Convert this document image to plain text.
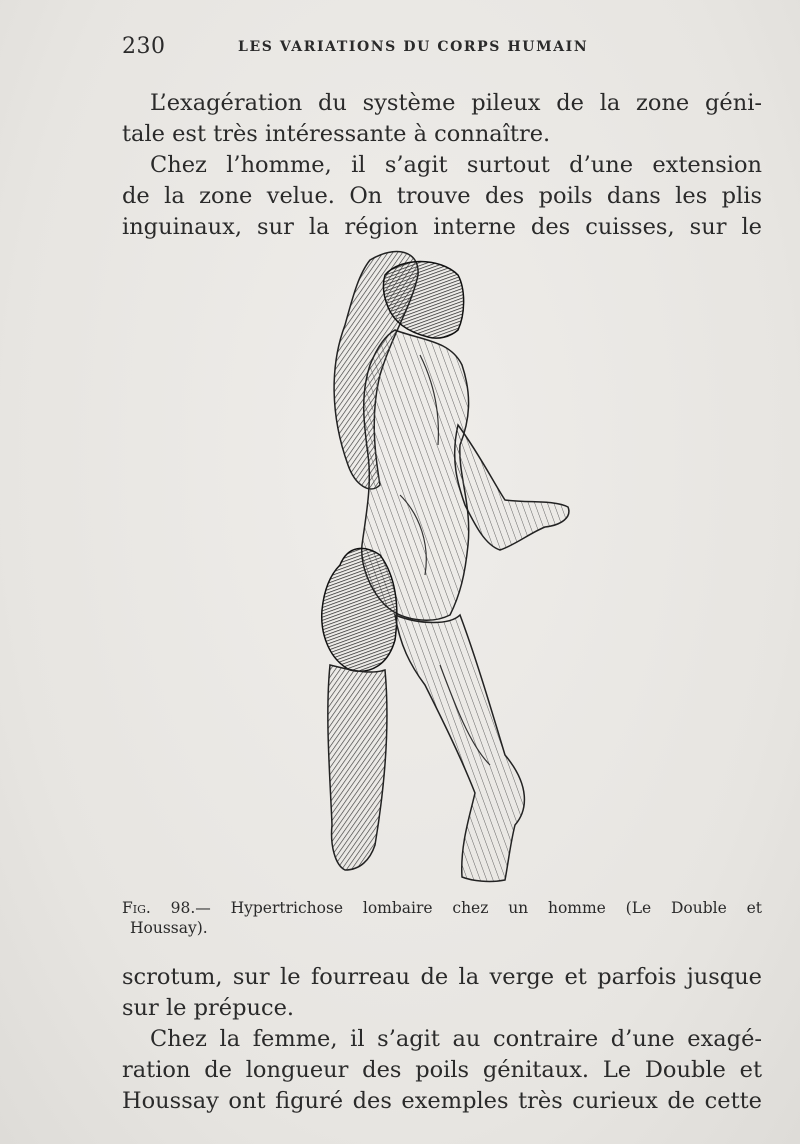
230	LES VARIATIONS DU CORPS HUMAIN

L’exagération du système pileux de la zone géni-
tale est très intéressante à connaître.

Chez l’homme, il s’agit surtout d’une extension
de la zone velue. On trouve des poils dans les plis
inguinaux, sur la région interne des cuisses, sur le

Fig. 98.— Hypertrichose lombaire chez un homme (Le Double et
Houssay).

scrotum, sur le fourreau de la verge et parfois jusque
sur le prépuce.

Chez la femme, il s’agit au contraire d’une exagé-
ration de longueur des poils génitaux. Le Double et
Houssay ont figuré des exemples très curieux de cette
